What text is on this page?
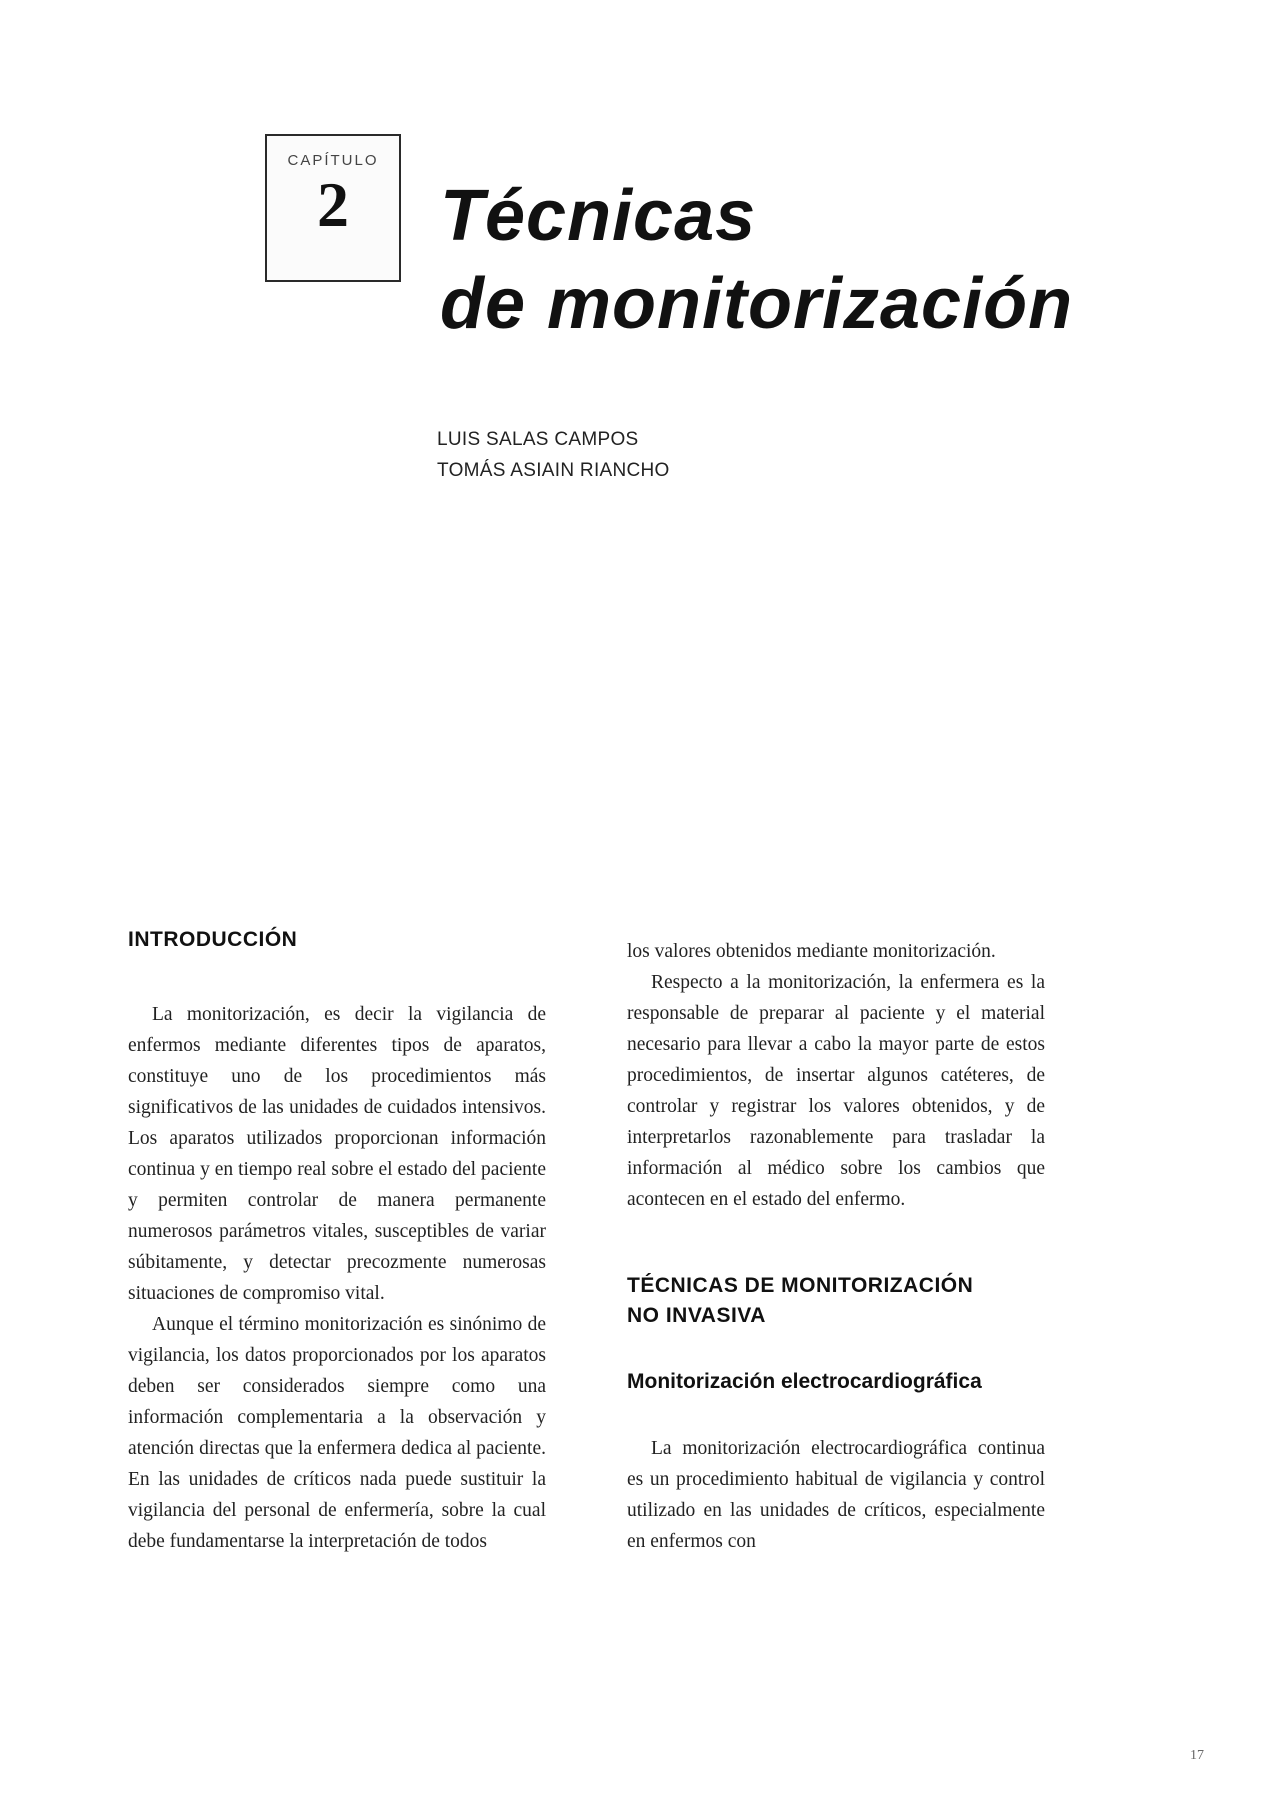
CAPÍTULO
2	Técnicas
de monitorización
LUIS SALAS CAMPOS
TOMÁS ASIAIN RIANCHO
INTRODUCCIÓN

La monitorización, es decir la vigilancia de enfermos mediante diferentes tipos de aparatos, constituye uno de los procedimientos más significativos de las unidades de cuidados intensivos. Los aparatos utilizados proporcionan información continua y en tiempo real sobre el estado del paciente y permiten controlar de manera permanente numerosos parámetros vitales, susceptibles de variar súbitamente, y detectar precozmente numerosas situaciones de compromiso vital.

Aunque el término monitorización es sinónimo de vigilancia, los datos proporcionados por los aparatos deben ser considerados siempre como una información complementaria a la observación y atención directas que la enfermera dedica al paciente. En las unidades de críticos nada puede sustituir la vigilancia del personal de enfermería, sobre la cual debe fundamentarse la interpretación de todos

los valores obtenidos mediante monitorización.

Respecto a la monitorización, la enfermera es la responsable de preparar al paciente y el material necesario para llevar a cabo la mayor parte de estos procedimientos, de insertar algunos catéteres, de controlar y registrar los valores obtenidos, y de interpretarlos razonablemente para trasladar la información al médico sobre los cambios que acontecen en el estado del enfermo.

TÉCNICAS DE MONITORIZACIÓN
NO INVASIVA
Monitorización electrocardiográfica

La monitorización electrocardiográfica continua es un procedimiento habitual de vigilancia y control utilizado en las unidades de críticos, especialmente en enfermos con

17
